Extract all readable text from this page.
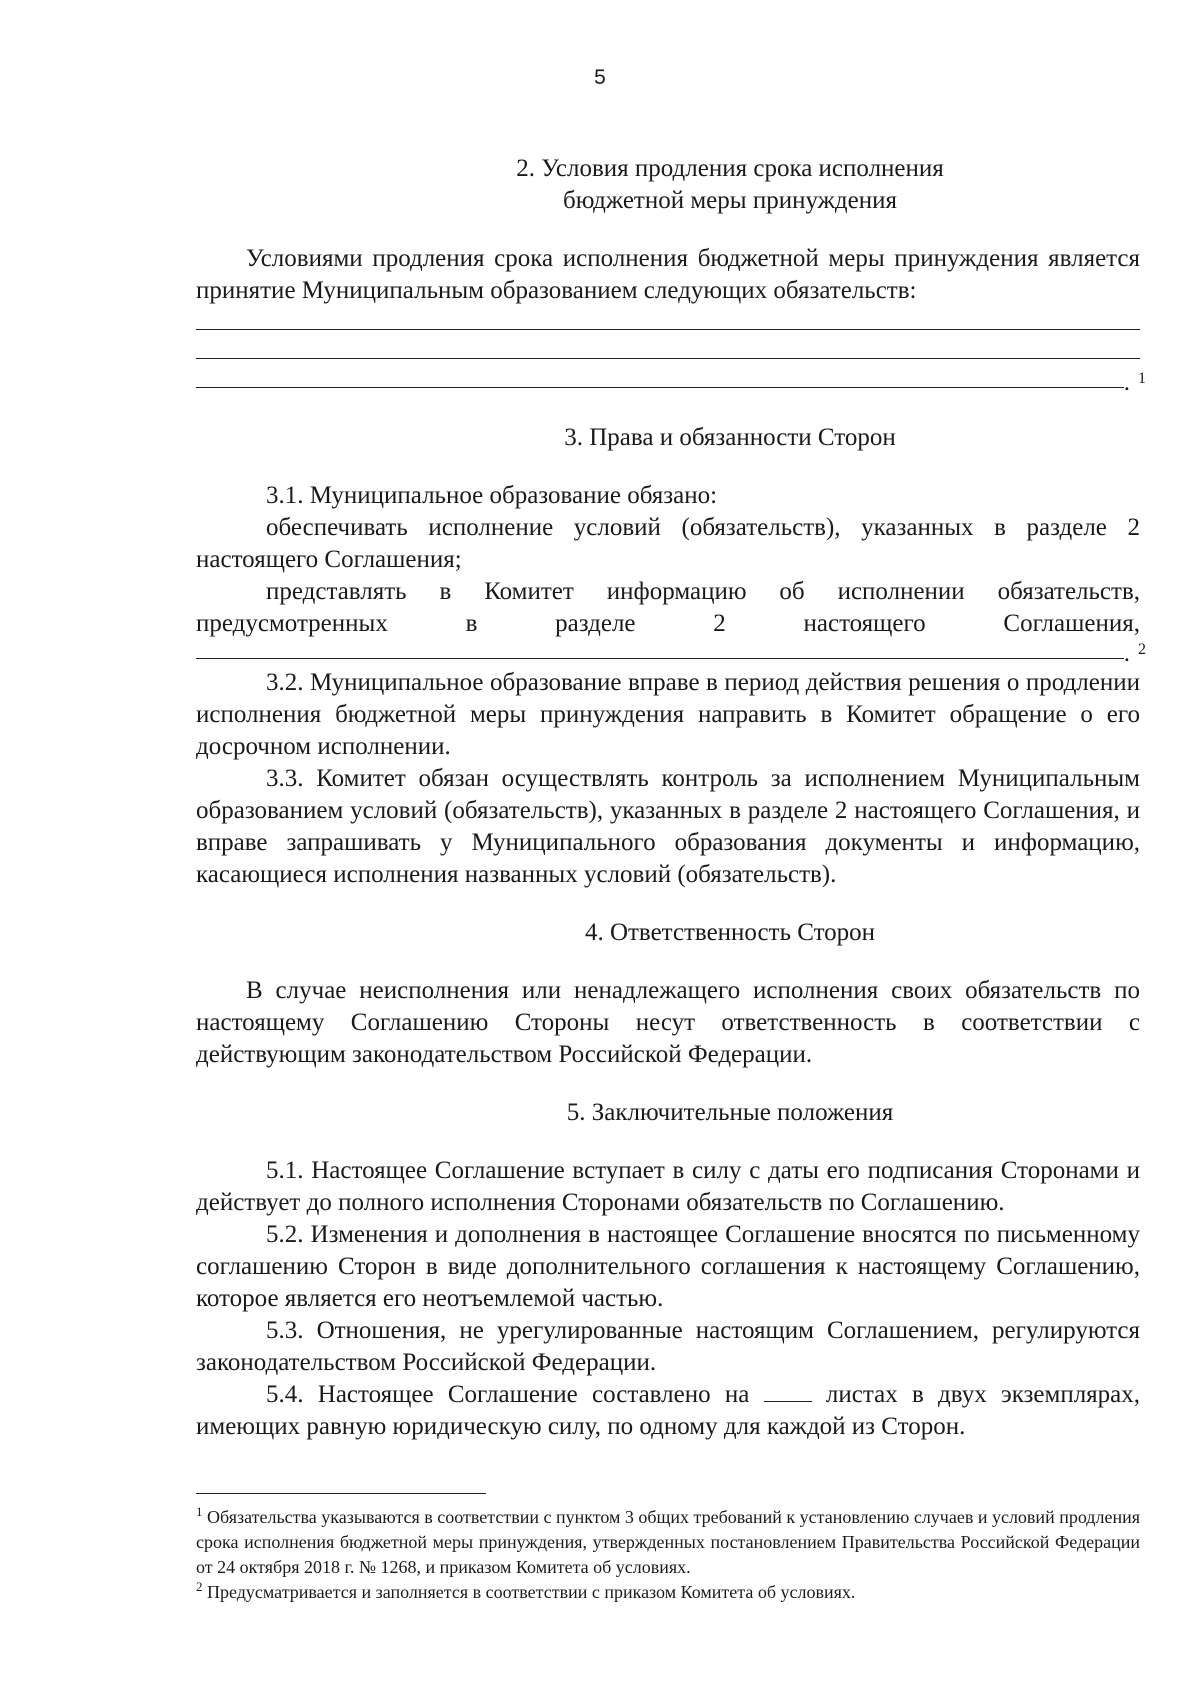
5

2. Условия продления срока исполнения

бюджетной меры принуждения

Условиями продления срока исполнения бюджетной меры принуждения является принятие Муниципальным образованием следующих обязательств:

. 1

3. Права и обязанности Сторон

3.1. Муниципальное образование обязано:

обеспечивать исполнение условий (обязательств), указанных в разделе 2 настоящего Соглашения;

представлять в Комитет информацию об исполнении обязательств, предусмотренных в разделе 2 настоящего Соглашения,

. 2

3.2. Муниципальное образование вправе в период действия решения о продлении исполнения бюджетной меры принуждения направить в Комитет обращение о его досрочном исполнении.

3.3. Комитет обязан осуществлять контроль за исполнением Муниципальным образованием условий (обязательств), указанных в разделе 2 настоящего Соглашения, и вправе запрашивать у Муниципального образования документы и информацию, касающиеся исполнения названных условий (обязательств).

4. Ответственность Сторон

В случае неисполнения или ненадлежащего исполнения своих обязательств по настоящему Соглашению Стороны несут ответственность в соответствии с действующим законодательством Российской Федерации.

5. Заключительные положения

5.1. Настоящее Соглашение вступает в силу с даты его подписания Сторонами и действует до полного исполнения Сторонами обязательств по Соглашению.

5.2. Изменения и дополнения в настоящее Соглашение вносятся по письменному соглашению Сторон в виде дополнительного соглашения к настоящему Соглашению, которое является его неотъемлемой частью.

5.3. Отношения, не урегулированные настоящим Соглашением, регулируются законодательством Российской Федерации.

5.4. Настоящее Соглашение составлено на	листах в двух экземплярах, имеющих равную юридическую силу, по одному для каждой из Сторон.

$^1$ Обязательства указываются в соответствии с пунктом 3 общих требований к установлению случаев и условий продления срока исполнения бюджетной меры принуждения, утвержденных постановлением Правительства Российской Федерации от 24 октября 2018 г. № 1268, и приказом Комитета об условиях.

$^2$ Предусматривается и заполняется в соответствии с приказом Комитета об условиях.
